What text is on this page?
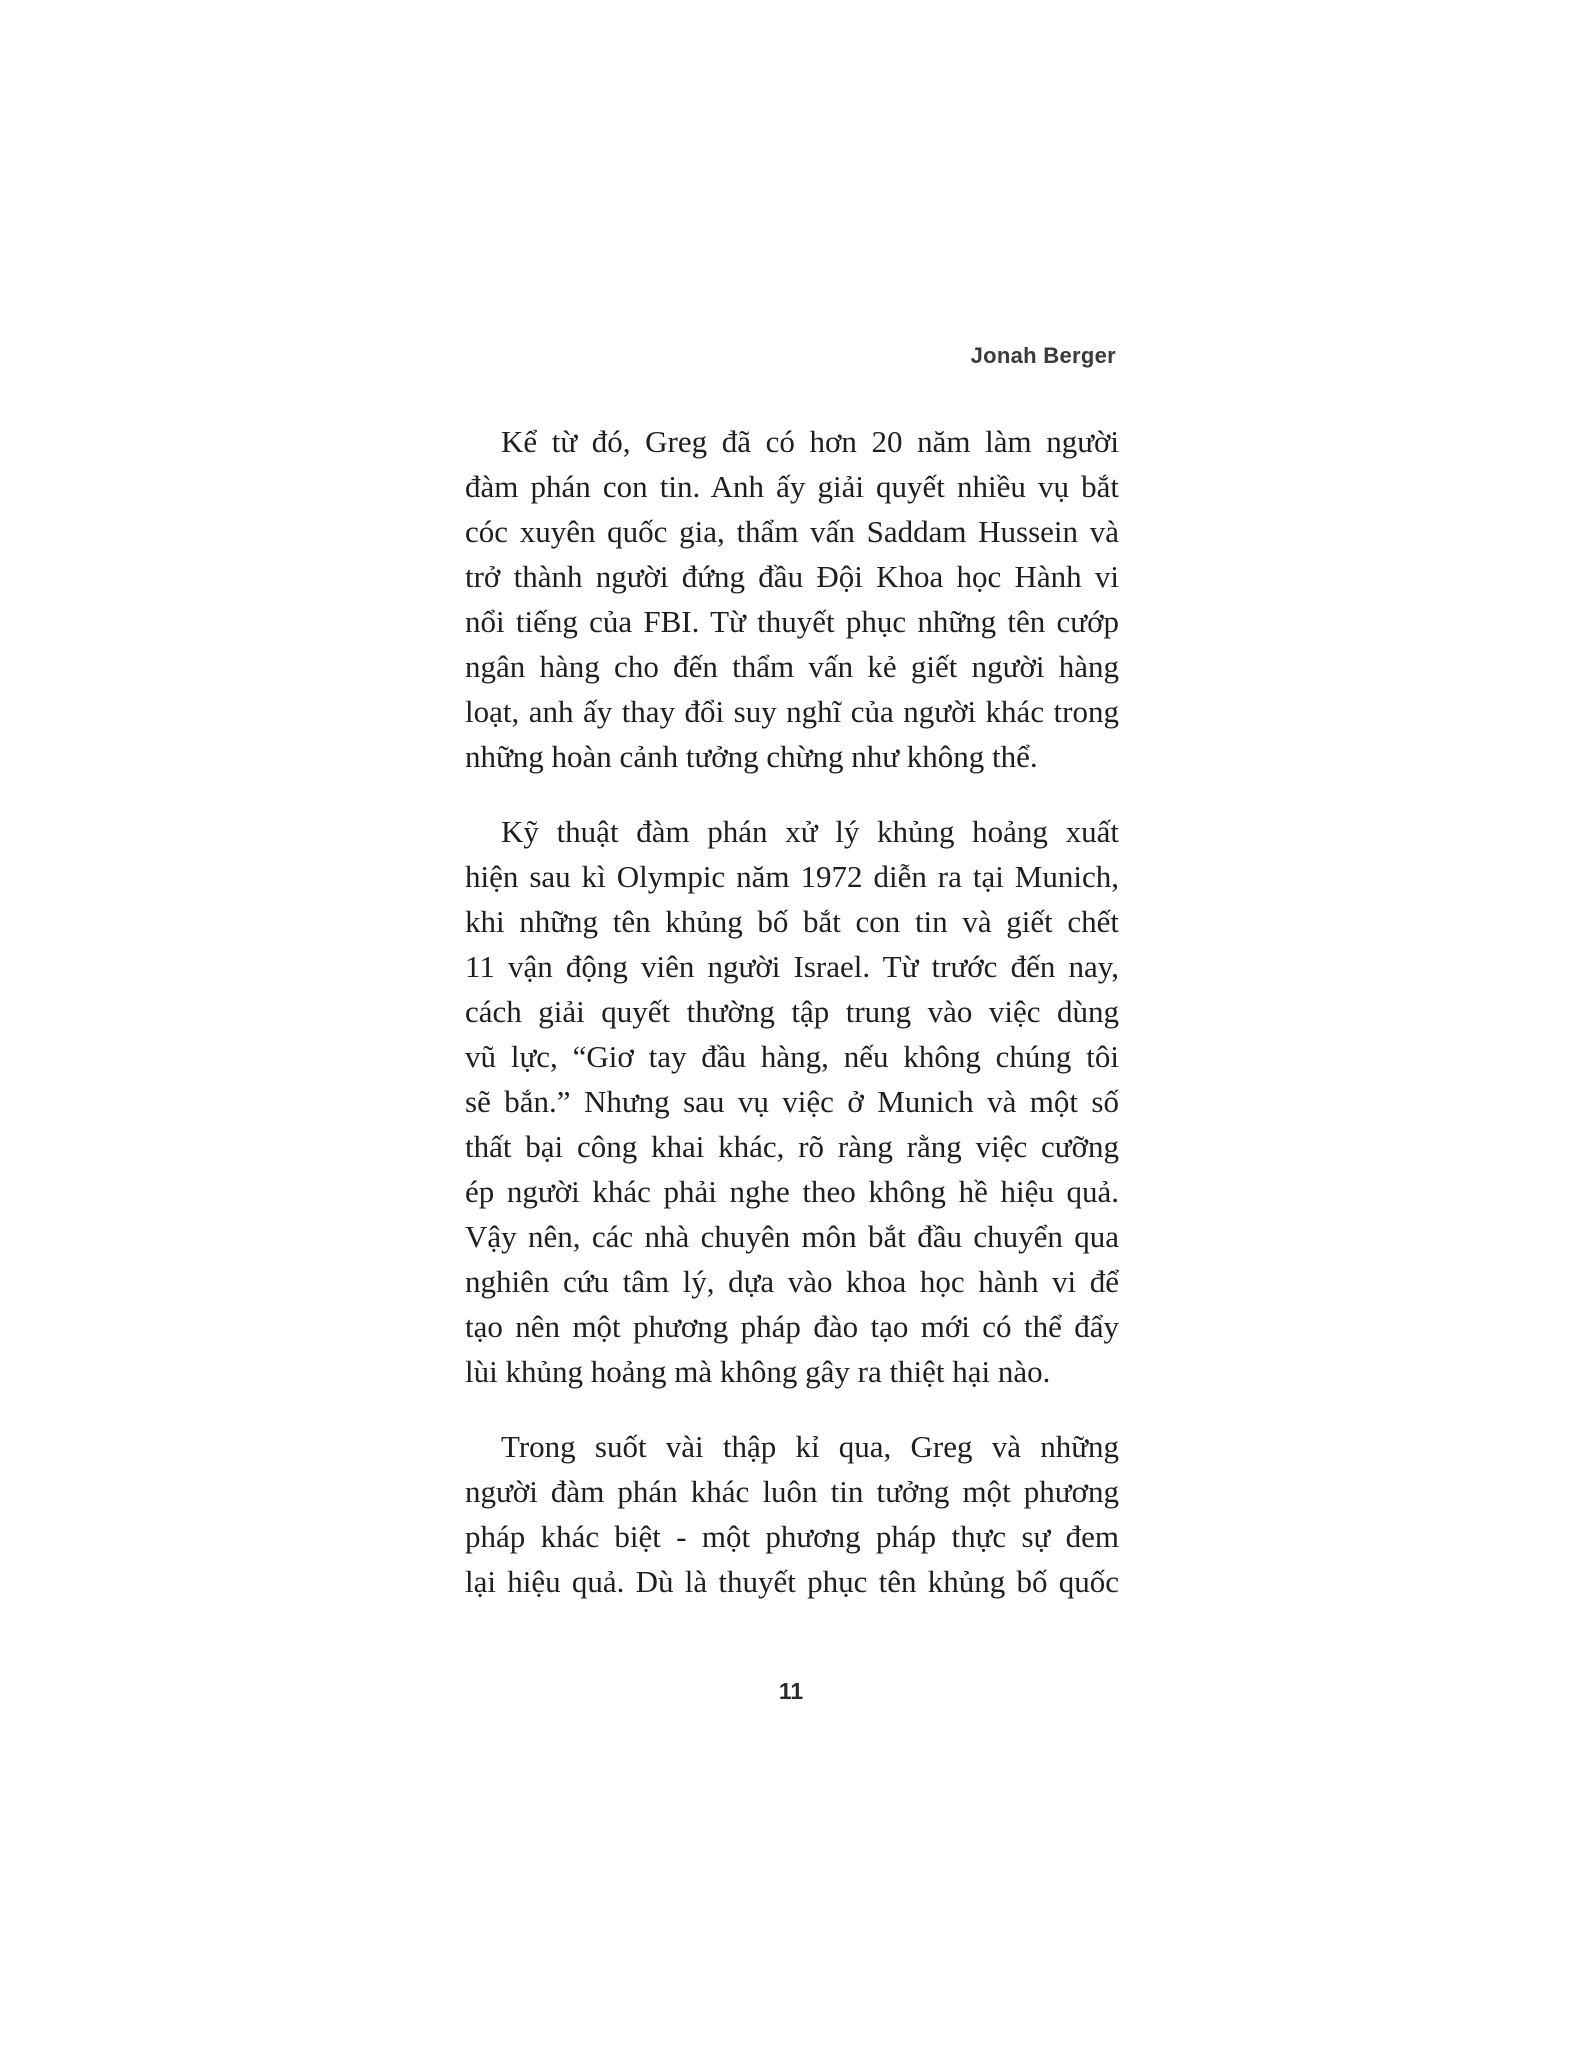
Jonah Berger
Kể từ đó, Greg đã có hơn 20 năm làm người
đàm phán con tin. Anh ấy giải quyết nhiều vụ bắt
cóc xuyên quốc gia, thẩm vấn Saddam Hussein và
trở thành người đứng đầu Đội Khoa học Hành vi
nổi tiếng của FBI. Từ thuyết phục những tên cướp
ngân hàng cho đến thẩm vấn kẻ giết người hàng
loạt, anh ấy thay đổi suy nghĩ của người khác trong
những hoàn cảnh tưởng chừng như không thể.
Kỹ thuật đàm phán xử lý khủng hoảng xuất
hiện sau kì Olympic năm 1972 diễn ra tại Munich,
khi những tên khủng bố bắt con tin và giết chết
11 vận động viên người Israel. Từ trước đến nay,
cách giải quyết thường tập trung vào việc dùng
vũ lực, “Giơ tay đầu hàng, nếu không chúng tôi
sẽ bắn.” Nhưng sau vụ việc ở Munich và một số
thất bại công khai khác, rõ ràng rằng việc cưỡng
ép người khác phải nghe theo không hề hiệu quả.
Vậy nên, các nhà chuyên môn bắt đầu chuyển qua
nghiên cứu tâm lý, dựa vào khoa học hành vi để
tạo nên một phương pháp đào tạo mới có thể đẩy
lùi khủng hoảng mà không gây ra thiệt hại nào.
Trong suốt vài thập kỉ qua, Greg và những
người đàm phán khác luôn tin tưởng một phương
pháp khác biệt - một phương pháp thực sự đem
lại hiệu quả. Dù là thuyết phục tên khủng bố quốc
11
